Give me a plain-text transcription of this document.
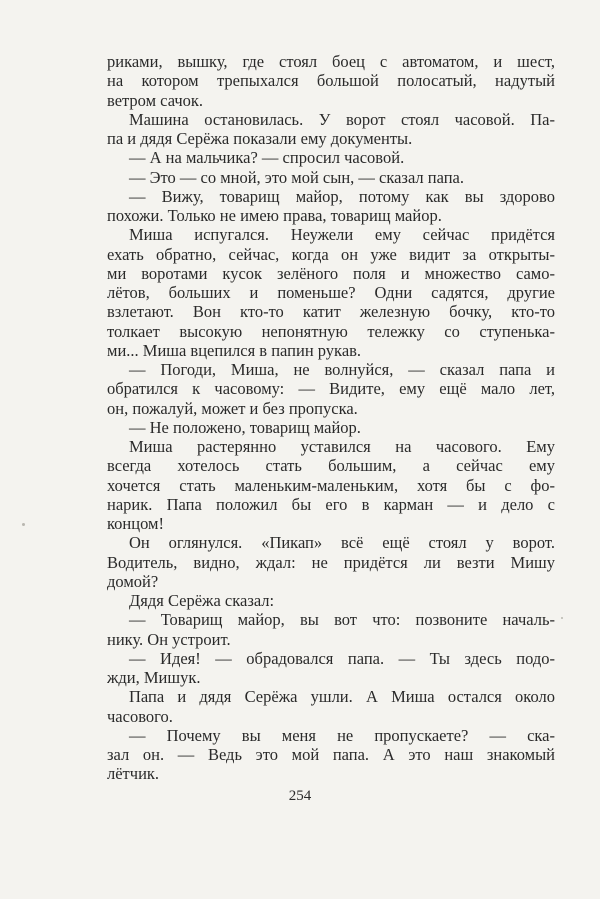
риками, вышку, где стоял боец с автоматом, и шест,
на котором трепыхался большой полосатый, надутый
ветром сачок.
Машина остановилась. У ворот стоял часовой. Па-
па и дядя Серёжа показали ему документы.
— А на мальчика? — спросил часовой.
— Это — со мной, это мой сын, — сказал папа.
— Вижу, товарищ майор, потому как вы здорово
похожи. Только не имею права, товарищ майор.
Миша испугался. Неужели ему сейчас придётся
ехать обратно, сейчас, когда он уже видит за открыты-
ми воротами кусок зелёного поля и множество само-
лётов, больших и поменьше? Одни садятся, другие
взлетают. Вон кто-то катит железную бочку, кто-то
толкает высокую непонятную тележку со ступенька-
ми... Миша вцепился в папин рукав.
— Погоди, Миша, не волнуйся, — сказал папа и
обратился к часовому: — Видите, ему ещё мало лет,
он, пожалуй, может и без пропуска.
— Не положено, товарищ майор.
Миша растерянно уставился на часового. Ему
всегда хотелось стать большим, а сейчас ему
хочется стать маленьким-маленьким, хотя бы с фо-
нарик. Папа положил бы его в карман — и дело с
концом!
Он оглянулся. «Пикап» всё ещё стоял у ворот.
Водитель, видно, ждал: не придётся ли везти Мишу
домой?
Дядя Серёжа сказал:
— Товарищ майор, вы вот что: позвоните началь-
нику. Он устроит.
— Идея! — обрадовался папа. — Ты здесь подо-
жди, Мишук.
Папа и дядя Серёжа ушли. А Миша остался около
часового.
— Почему вы меня не пропускаете? — ска-
зал он. — Ведь это мой папа. А это наш знакомый
лётчик.
254
